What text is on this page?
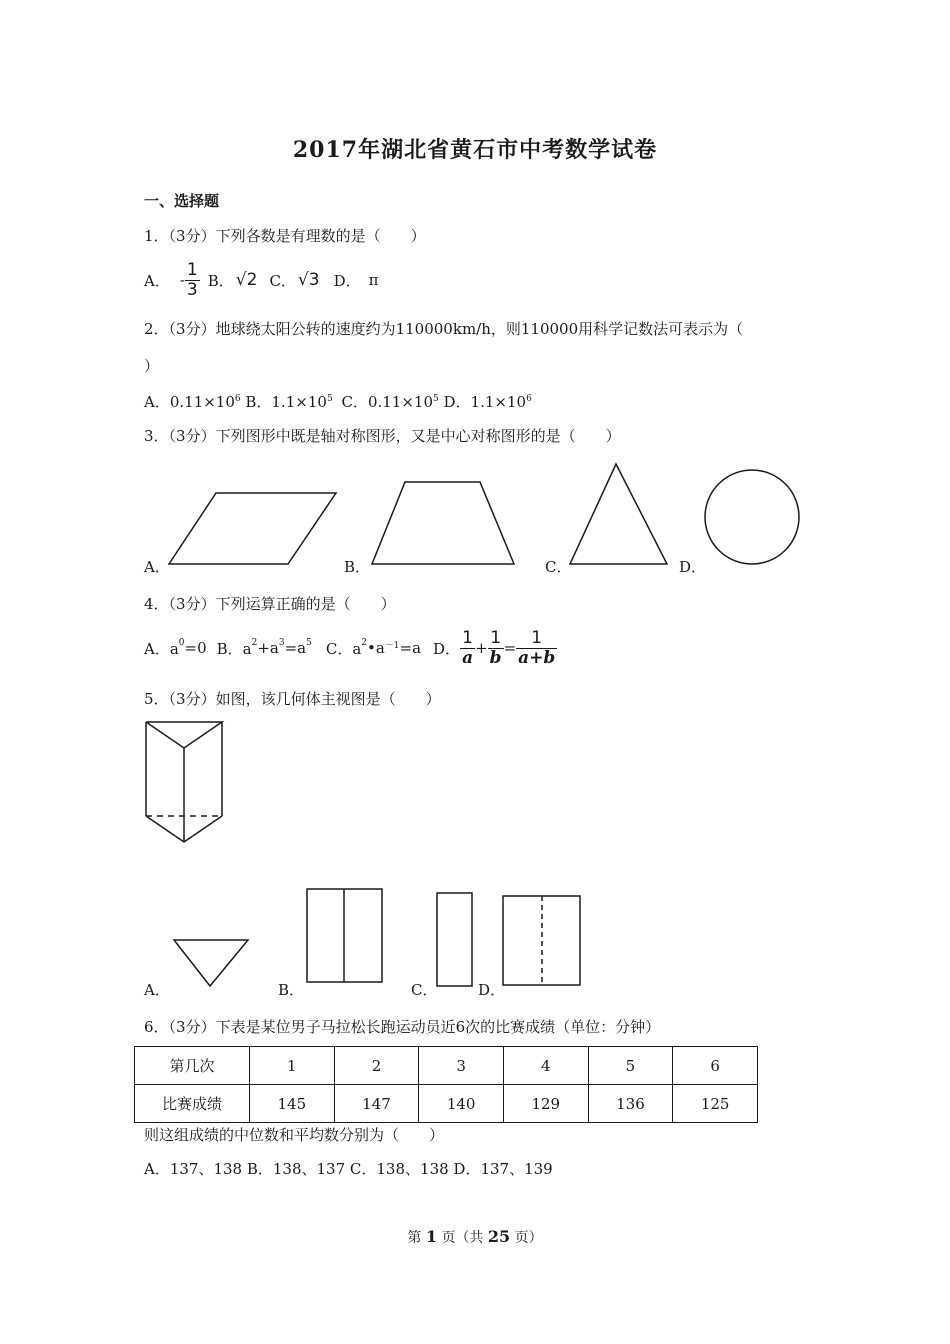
2017年湖北省黄石市中考数学试卷
一、选择题
1．（3分）下列各数是有理数的是（　　）
A． - $\frac{1}{3}$ B． √2 C． √3 D． π
2．（3分）地球绕太阳公转的速度约为110000km/h，则110000用科学记数法可表示为（
）
A．$0.11\times 10^6$ B．$1.1\times 10^5$ C．$0.11\times 10^5$ D．$1.1\times 10^6$
3．（3分）下列图形中既是轴对称图形，又是中心对称图形的是（　　）
A．	B．	C．	D．
4．（3分）下列运算正确的是（　　）
A．$a^0 =0$ B．$a^2 +a^3 =a^5$ C．$a^2$ $•a^{-1} =a$ D． $\frac{1}{a} + \frac{1}{b} = \frac{1}{a+b}$
5．（3分）如图，该几何体主视图是（　　）
A．	B．	C．	D．
6．（3分）下表是某位男子马拉松长跑运动员近6次的比赛成绩（单位：分钟）
第几次	1	2	3	4	5	6
比赛成绩	145	147	140	129	136	125
则这组成绩的中位数和平均数分别为（　　）
A．137、138 B．138、137 C．138、138 D．137、139
第 1 页（共 25 页）
